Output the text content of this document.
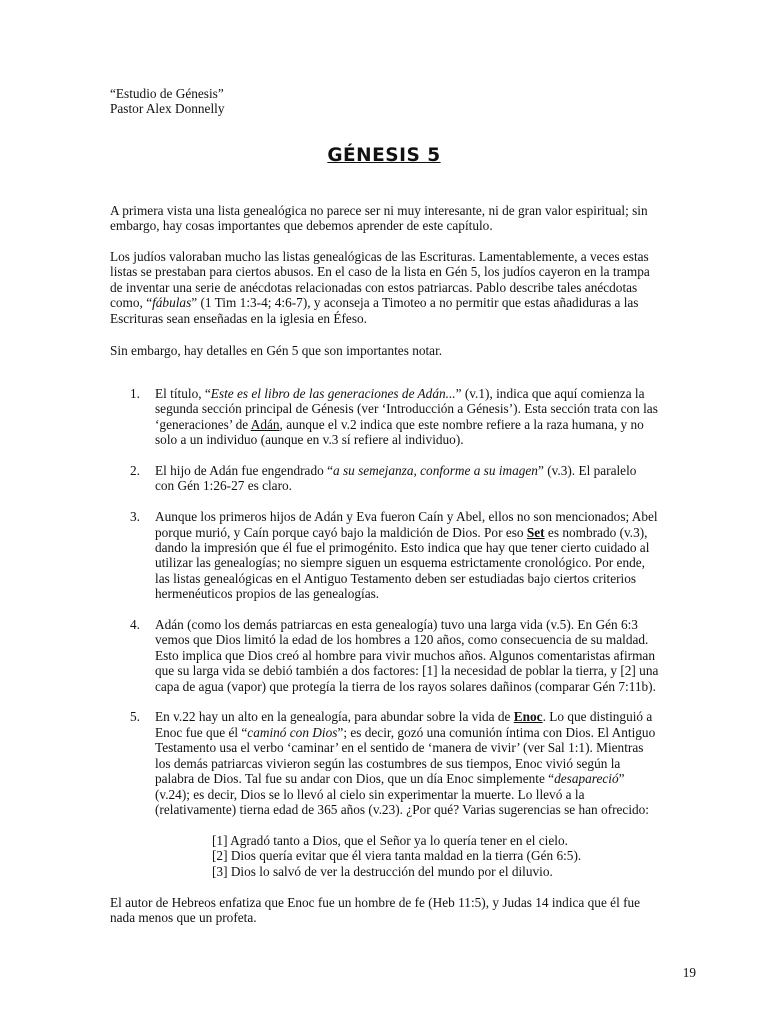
“Estudio de Génesis”
Pastor Alex Donnelly
GÉNESIS 5
A primera vista una lista genealógica no parece ser ni muy interesante, ni de gran valor espiritual; sin
embargo, hay cosas importantes que debemos aprender de este capítulo.
Los judíos valoraban mucho las listas genealógicas de las Escrituras. Lamentablemente, a veces estas
listas se prestaban para ciertos abusos. En el caso de la lista en Gén 5, los judíos cayeron en la trampa
de inventar una serie de anécdotas relacionadas con estos patriarcas. Pablo describe tales anécdotas
como, “fábulas” (1 Tim 1:3-4; 4:6-7), y aconseja a Timoteo a no permitir que estas añadiduras a las
Escrituras sean enseñadas en la iglesia en Éfeso.
Sin embargo, hay detalles en Gén 5 que son importantes notar.
1. El título, “Este es el libro de las generaciones de Adán...” (v.1), indica que aquí comienza la
segunda sección principal de Génesis (ver ‘Introducción a Génesis’). Esta sección trata con las
‘generaciones’ de Adán, aunque el v.2 indica que este nombre refiere a la raza humana, y no
solo a un individuo (aunque en v.3 sí refiere al individuo).
2. El hijo de Adán fue engendrado “a su semejanza, conforme a su imagen” (v.3). El paralelo
con Gén 1:26-27 es claro.
3. Aunque los primeros hijos de Adán y Eva fueron Caín y Abel, ellos no son mencionados; Abel
porque murió, y Caín porque cayó bajo la maldición de Dios. Por eso Set es nombrado (v.3),
dando la impresión que él fue el primogénito. Esto indica que hay que tener cierto cuidado al
utilizar las genealogías; no siempre siguen un esquema estrictamente cronológico. Por ende,
las listas genealógicas en el Antiguo Testamento deben ser estudiadas bajo ciertos criterios
hermenéuticos propios de las genealogías.
4. Adán (como los demás patriarcas en esta genealogía) tuvo una larga vida (v.5). En Gén 6:3
vemos que Dios limitó la edad de los hombres a 120 años, como consecuencia de su maldad.
Esto implica que Dios creó al hombre para vivir muchos años. Algunos comentaristas afirman
que su larga vida se debió también a dos factores: [1] la necesidad de poblar la tierra, y [2] una
capa de agua (vapor) que protegía la tierra de los rayos solares dañinos (comparar Gén 7:11b).
5. En v.22 hay un alto en la genealogía, para abundar sobre la vida de Enoc. Lo que distinguió a
Enoc fue que él “caminó con Dios”; es decir, gozó una comunión íntima con Dios. El Antiguo
Testamento usa el verbo ‘caminar’ en el sentido de ‘manera de vivir’ (ver Sal 1:1). Mientras
los demás patriarcas vivieron según las costumbres de sus tiempos, Enoc vivió según la
palabra de Dios. Tal fue su andar con Dios, que un día Enoc simplemente “desapareció”
(v.24); es decir, Dios se lo llevó al cielo sin experimentar la muerte. Lo llevó a la
(relativamente) tierna edad de 365 años (v.23). ¿Por qué? Varias sugerencias se han ofrecido:
[1] Agradó tanto a Dios, que el Señor ya lo quería tener en el cielo.
[2] Dios quería evitar que él viera tanta maldad en la tierra (Gén 6:5).
[3] Dios lo salvó de ver la destrucción del mundo por el diluvio.
El autor de Hebreos enfatiza que Enoc fue un hombre de fe (Heb 11:5), y Judas 14 indica que él fue
nada menos que un profeta.
19
